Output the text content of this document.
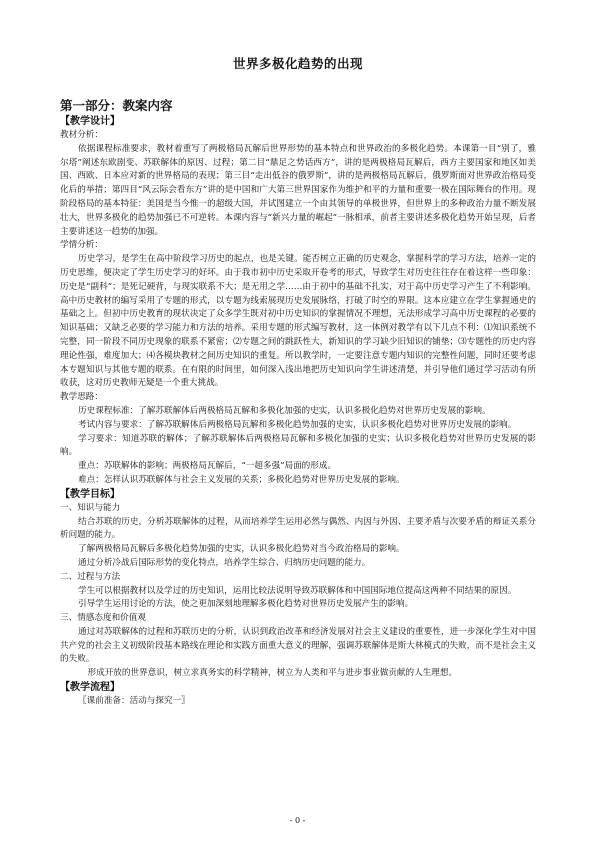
世界多极化趋势的出现
第一部分：教案内容
【教学设计】
教材分析：
依据课程标准要求，教材着重写了两极格局瓦解后世界形势的基本特点和世界政治的多极化趋势。本课第一目“别了，雅尔塔”阐述东欧剧变、苏联解体的原因、过程；第二目“鼎足之势话西方”，讲的是两极格局瓦解后，西方主要国家和地区如美国、西欧、日本应对新的世界格局的表现；第三目“走出低谷的俄罗斯”，讲的是两极格局瓦解后，俄罗斯面对世界政治格局变化后的举措；第四目“风云际会看东方”讲的是中国和广大第三世界国家作为维护和平的力量和重要一极在国际舞台的作用。现阶段格局的基本特征：美国是当今惟一的超级大国，并试图建立一个由其领导的单极世界，但世界上的多种政治力量不断发展壮大，世界多极化的趋势加强已不可逆转。本课内容与“新兴力量的崛起”一脉相承，前者主要讲述多极化趋势开始呈现，后者主要讲述这一趋势的加强。
学情分析：
历史学习，是学生在高中阶段学习历史的起点，也是关键。能否树立正确的历史观念，掌握科学的学习方法，培养一定的历史思维，便决定了学生历史学习的好坏。由于我市初中历史采取开卷考的形式，导致学生对历史往往存在着这样一些印象：历史是“副科”；是死记硬背，与现实联系不大；是无用之学……由于初中的基础不扎实，对于高中历史学习产生了不利影响。高中历史教材的编写采用了专题的形式，以专题为线索展现历史发展脉络，打破了时空的界限。这本应建立在学生掌握通史的基础之上。但初中历史教育的现状决定了众多学生既对初中历史知识的掌握情况不理想，无法形成学习高中历史课程的必要的知识基础；又缺乏必要的学习能力和方法的培养。采用专题的形式编写教材，这一体例对教学有以下几点不利：⑴知识系统不完整，同一阶段不同历史现象的联系不紧密；⑵专题之间的跳跃性大，新知识的学习缺少旧知识的铺垫；⑶专题性的历史内容理论性强，难度加大；⑷各模块教材之间历史知识的重复。所以教学时，一定要注意专题内知识的完整性问题，同时还要考虑本专题知识与其他专题的联系。在有限的时间里，如何深入浅出地把历史知识向学生讲述清楚，并引导他们通过学习活动有所收获，这对历史教师无疑是一个重大挑战。
教学思路：
历史课程标准：了解苏联解体后两极格局瓦解和多极化加强的史实，认识多极化趋势对世界历史发展的影响。
考试内容与要求：了解苏联解体后两极格局瓦解和多极化趋势加强的史实，认识多极化趋势对世界历史发展的影响。
学习要求：知道苏联的解体；了解苏联解体后两极格局瓦解和多极化加强的史实；认识多极化趋势对世界历史发展的影响。
重点：苏联解体的影响；两极格局瓦解后，“一超多强”局面的形成。
难点：怎样认识苏联解体与社会主义发展的关系；多极化趋势对世界历史发展的影响。
【教学目标】
一、知识与能力
结合苏联的历史，分析苏联解体的过程，从而培养学生运用必然与偶然、内因与外因、主要矛盾与次要矛盾的辩证关系分析问题的能力。
了解两极格局瓦解后多极化趋势加强的史实，认识多极化趋势对当今政治格局的影响。
通过分析冷战后国际形势的变化特点，培养学生综合、归纳历史问题的能力。
二、过程与方法
学生可以根据教材以及学过的历史知识，运用比较法说明导致苏联解体和中国国际地位提高这两种不同结果的原因。
引导学生运用讨论的方法，使之更加深刻地理解多极化趋势对世界历史发展产生的影响。
三、情感态度和价值观
通过对苏联解体的过程和苏联历史的分析，认识到政治改革和经济发展对社会主义建设的重要性，进一步深化学生对中国共产党的社会主义初级阶段基本路线在理论和实践方面重大意义的理解，强调苏联解体是斯大林模式的失败，而不是社会主义的失败。
形成开放的世界意识，树立求真务实的科学精神，树立为人类和平与进步事业做贡献的人生理想。
【教学流程】
〖课前准备：活动与探究一〗
- 0 -
